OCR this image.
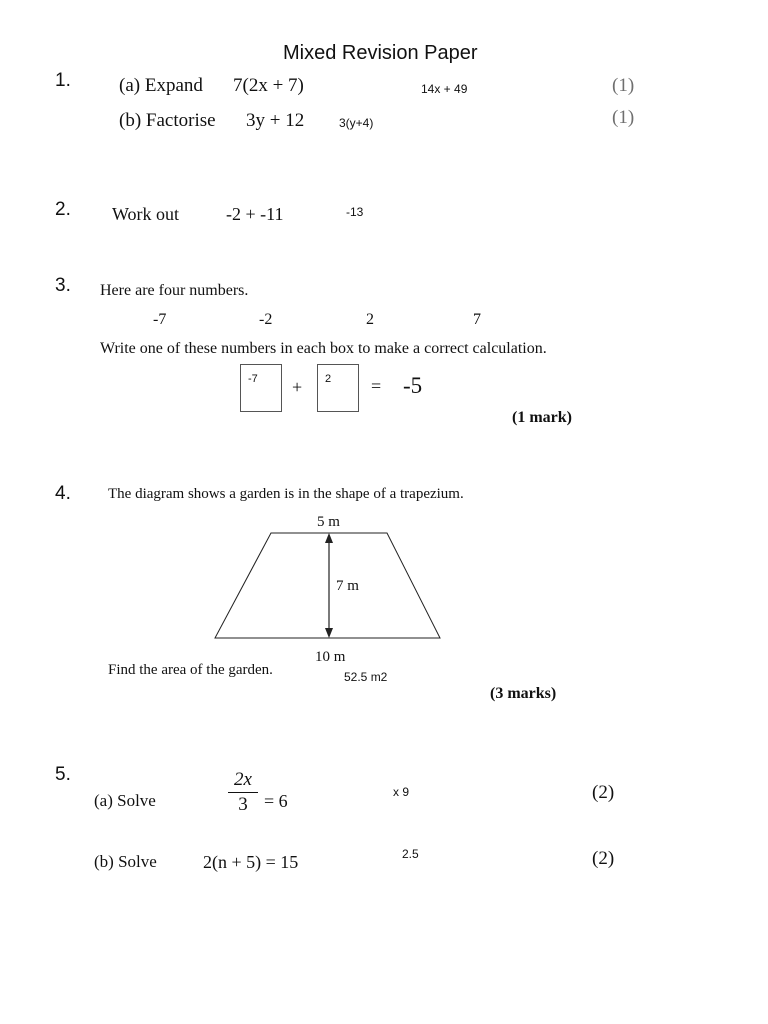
Mixed Revision Paper
1.	(a) Expand 7(2x + 7)	14x + 49	(1)
(b) Factorise 3y + 12	3(y+4)	(1)
2. Work out	-2 + -11	-13
3. Here are four numbers.
-7	-2	2	7
Write one of these numbers in each box to make a correct calculation.
-7 + 2 = -5
(1 mark)
4. The diagram shows a garden is in the shape of a trapezium.
5 m
7 m
10 m
Find the area of the garden.	52.5 m2
(3 marks)
5.
(a) Solve
2x
3 = 6	x 9	(2)
(b) Solve	2(n + 5) = 15	2.5	(2)
